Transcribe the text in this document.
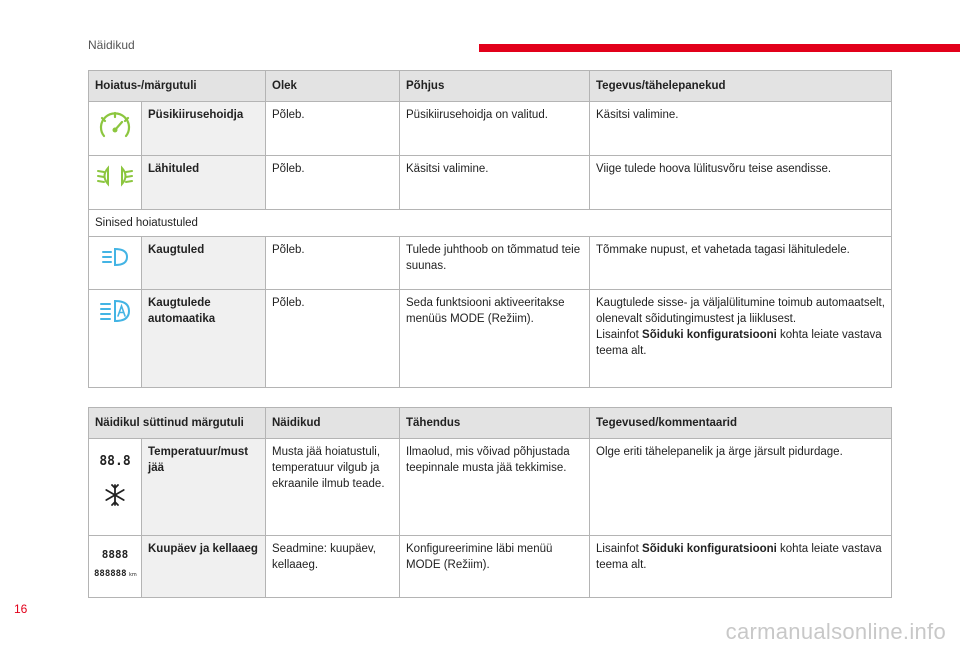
Näidikud
Hoiatus-/märgutuli		Olek	Põhjus	Tegevus/tähelepanekud

	Püsikiirusehoidja	Põleb.	Püsikiirusehoidja on valitud.	Käsitsi valimine.

	Lähituled	Põleb.	Käsitsi valimine.	Viige tulede hoova lülitusvõru teise asendisse.
Sinised hoiatustuled				

	Kaugtuled	Põleb.	Tulede juhthoob on tõmmatud teie suunas.	Tõmmake nupust, et vahetada tagasi lähituledele.

	Kaugtulede automaatika	Põleb.	Seda funktsiooni aktiveeritakse menüüs MODE (Režiim).	Kaugtulede sisse- ja väljalülitumine toimub automaatselt, olenevalt sõidutingimustest ja liiklusest.
Lisainfot Sõiduki konfiguratsiooni kohta leiate vastava teema alt.
Näidikul süttinud märgutuli		Näidikud	Tähendus	Tegevused/kommentaarid

88.8	Temperatuur/must jää	Musta jää hoiatustuli, temperatuur vilgub ja ekraanile ilmub teade.	Ilmaolud, mis võivad põhjustada teepinnale musta jää tekkimise.	Olge eriti tähelepanelik ja ärge järsult pidurdage.

8888
888888 km	Kuupäev ja kellaaeg	Seadmine: kuupäev, kellaaeg.	Konfigureerimine läbi menüü MODE (Režiim).	Lisainfot Sõiduki konfiguratsiooni kohta leiate vastava teema alt.
16
carmanualsonline.info
